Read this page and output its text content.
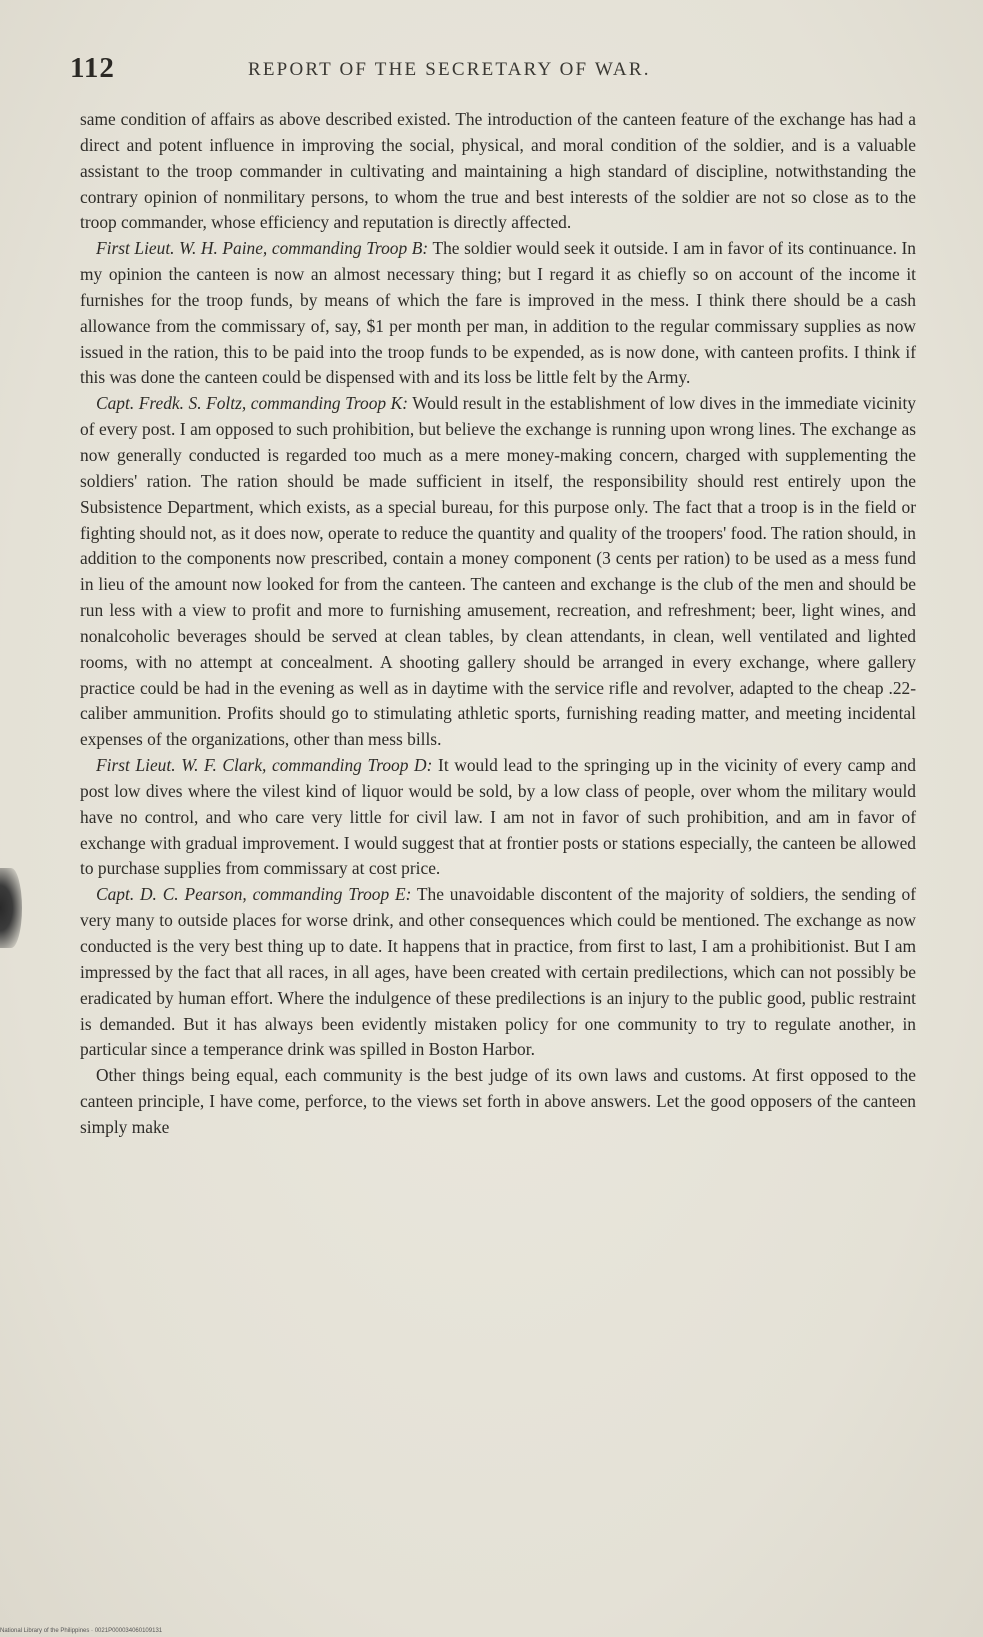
112	REPORT OF THE SECRETARY OF WAR.

same condition of affairs as above described existed. The introduction of the canteen feature of the exchange has had a direct and potent influence in improving the social, physical, and moral condition of the soldier, and is a valuable assistant to the troop commander in cultivating and maintaining a high standard of discipline, notwithstanding the contrary opinion of nonmilitary persons, to whom the true and best interests of the soldier are not so close as to the troop commander, whose efficiency and reputation is directly affected.

First Lieut. W. H. Paine, commanding Troop B: The soldier would seek it outside. I am in favor of its continuance. In my opinion the canteen is now an almost necessary thing; but I regard it as chiefly so on account of the income it furnishes for the troop funds, by means of which the fare is improved in the mess. I think there should be a cash allowance from the commissary of, say, $1 per month per man, in addition to the regular commissary supplies as now issued in the ration, this to be paid into the troop funds to be expended, as is now done, with canteen profits. I think if this was done the canteen could be dispensed with and its loss be little felt by the Army.

Capt. Fredk. S. Foltz, commanding Troop K: Would result in the establishment of low dives in the immediate vicinity of every post. I am opposed to such prohibition, but believe the exchange is running upon wrong lines. The exchange as now generally conducted is regarded too much as a mere money-making concern, charged with supplementing the soldiers' ration. The ration should be made sufficient in itself, the responsibility should rest entirely upon the Subsistence Department, which exists, as a special bureau, for this purpose only. The fact that a troop is in the field or fighting should not, as it does now, operate to reduce the quantity and quality of the troopers' food. The ration should, in addition to the components now prescribed, contain a money component (3 cents per ration) to be used as a mess fund in lieu of the amount now looked for from the canteen. The canteen and exchange is the club of the men and should be run less with a view to profit and more to furnishing amusement, recreation, and refreshment; beer, light wines, and nonalcoholic beverages should be served at clean tables, by clean attendants, in clean, well ventilated and lighted rooms, with no attempt at concealment. A shooting gallery should be arranged in every exchange, where gallery practice could be had in the evening as well as in daytime with the service rifle and revolver, adapted to the cheap .22-caliber ammunition. Profits should go to stimulating athletic sports, furnishing reading matter, and meeting incidental expenses of the organizations, other than mess bills.

First Lieut. W. F. Clark, commanding Troop D: It would lead to the springing up in the vicinity of every camp and post low dives where the vilest kind of liquor would be sold, by a low class of people, over whom the military would have no control, and who care very little for civil law. I am not in favor of such prohibition, and am in favor of exchange with gradual improvement. I would suggest that at frontier posts or stations especially, the canteen be allowed to purchase supplies from commissary at cost price.

Capt. D. C. Pearson, commanding Troop E: The unavoidable discontent of the majority of soldiers, the sending of very many to outside places for worse drink, and other consequences which could be mentioned. The exchange as now conducted is the very best thing up to date. It happens that in practice, from first to last, I am a prohibitionist. But I am impressed by the fact that all races, in all ages, have been created with certain predilections, which can not possibly be eradicated by human effort. Where the indulgence of these predilections is an injury to the public good, public restraint is demanded. But it has always been evidently mistaken policy for one community to try to regulate another, in particular since a temperance drink was spilled in Boston Harbor.

Other things being equal, each community is the best judge of its own laws and customs. At first opposed to the canteen principle, I have come, perforce, to the views set forth in above answers. Let the good opposers of the canteen simply make

National Library of the Philippines · 0021P000034060109131
